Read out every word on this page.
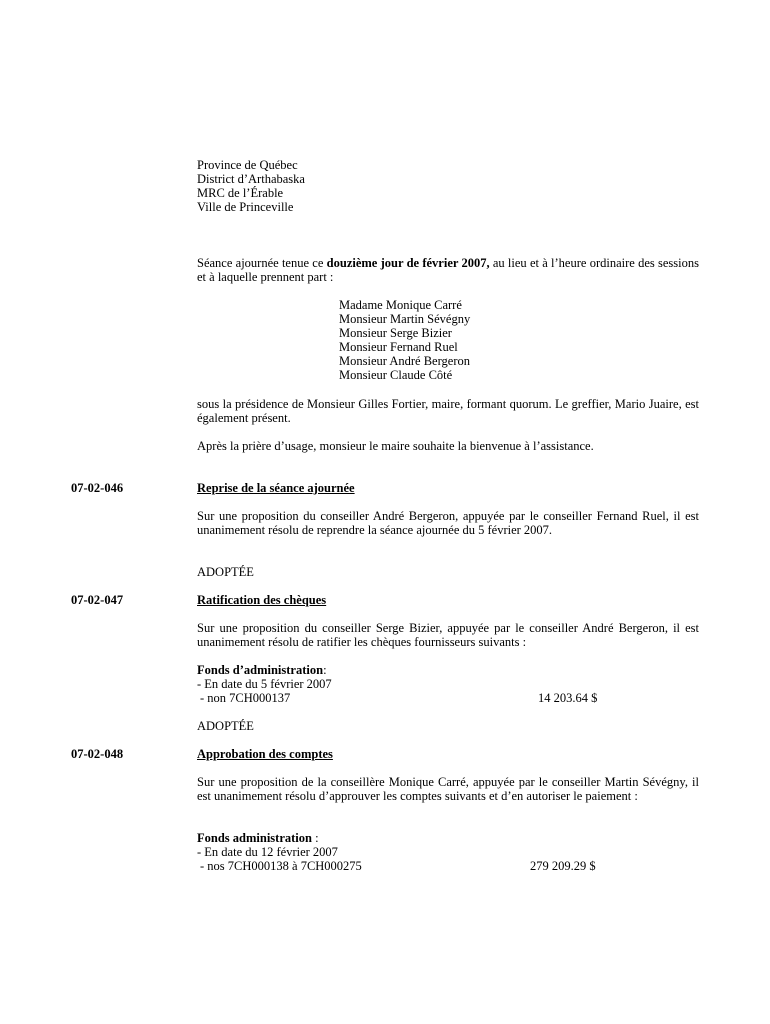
Province de Québec
District d’Arthabaska
MRC de l’Érable
Ville de Princeville
Séance ajournée tenue ce douzième jour de février 2007, au lieu et à l’heure ordinaire des sessions et à laquelle prennent part :
Madame Monique Carré
Monsieur Martin Sévégny
Monsieur Serge Bizier
Monsieur Fernand Ruel
Monsieur André Bergeron
Monsieur Claude Côté
sous la présidence de Monsieur Gilles Fortier, maire, formant quorum. Le greffier, Mario Juaire, est également présent.
Après la prière d’usage, monsieur le maire souhaite la bienvenue à l’assistance.
07-02-046	Reprise de la séance ajournée
Sur une proposition du conseiller André Bergeron, appuyée par le conseiller Fernand Ruel, il est unanimement résolu de reprendre la séance ajournée du 5 février 2007.
ADOPTÉE
07-02-047	Ratification des chèques
Sur une proposition du conseiller Serge Bizier, appuyée par le conseiller André Bergeron, il est unanimement résolu de ratifier les chèques fournisseurs suivants :
Fonds d’administration:
- En date du 5 février 2007
- non 7CH000137	14 203.64 $
ADOPTÉE
07-02-048	Approbation des comptes
Sur une proposition de la conseillère Monique Carré, appuyée par le conseiller Martin Sévégny, il est unanimement résolu d’approuver les comptes suivants et d’en autoriser le paiement :
Fonds administration :
- En date du 12 février 2007
- nos 7CH000138 à 7CH000275	279 209.29 $
